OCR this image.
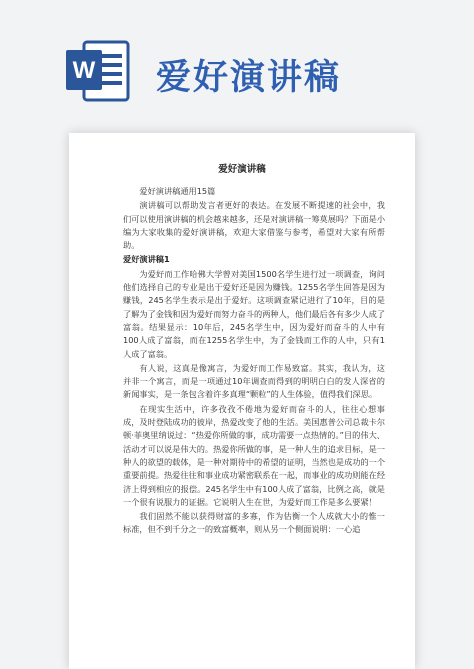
W 爱好演讲稿
爱好演讲稿

爱好演讲稿通用15篇

演讲稿可以帮助发言者更好的表达。在发展不断提速的社会中，我们可以使用演讲稿的机会越来越多，还是对演讲稿一筹莫展吗？下面是小编为大家收集的爱好演讲稿，欢迎大家借鉴与参考，希望对大家有所帮助。

爱好演讲稿1

为爱好而工作哈佛大学曾对美国1500名学生进行过一项调查，询问他们选择自己的专业是出于爱好还是因为赚钱。1255名学生回答是因为赚钱，245名学生表示是出于爱好。这项调查紧记进行了10年，目的是了解为了金钱和因为爱好而努力奋斗的两种人，他们最后各有多少人成了富翁。结果显示：10年后，245名学生中，因为爱好而奋斗的人中有100人成了富翁，而在1255名学生中，为了金钱而工作的人中，只有1人成了富翁。

有人说，这真是像寓言，为爱好而工作易致富。其实，我认为，这并非一个寓言，而是一项通过10年调查而得到的明明白白的发人深省的新闻事实，是一条包含着许多真理“颗粒”的人生体验，值得我们深思。

在现实生活中，许多孜孜不倦地为爱好而奋斗的人，往往心想事成，及时登陆成功的彼岸，热爱改变了他的生活。美国惠普公司总裁卡尔顿·菲奥里纳说过：“热爱你所做的事，成功需要一点热情的。”目的伟大、活动才可以说是伟大的。热爱你所做的事，是一种人生的追求目标，是一种人的欲望的载体，是一种对期待中的希望的证明，当然也是成功的一个重要前提。热爱往往和事业成功紧密联系在一起，而事业的成功则能在经济上得到相应的报偿。245名学生中有100人成了富翁，比例之高，就是一个很有说服力的证据。它说明人生在世，为爱好而工作是多么要紧！

我们固然不能以获得财富的多寡，作为估衡一个人成就大小的惟一标准，但不到千分之一的致富概率，则从另一个侧面说明：一心追
